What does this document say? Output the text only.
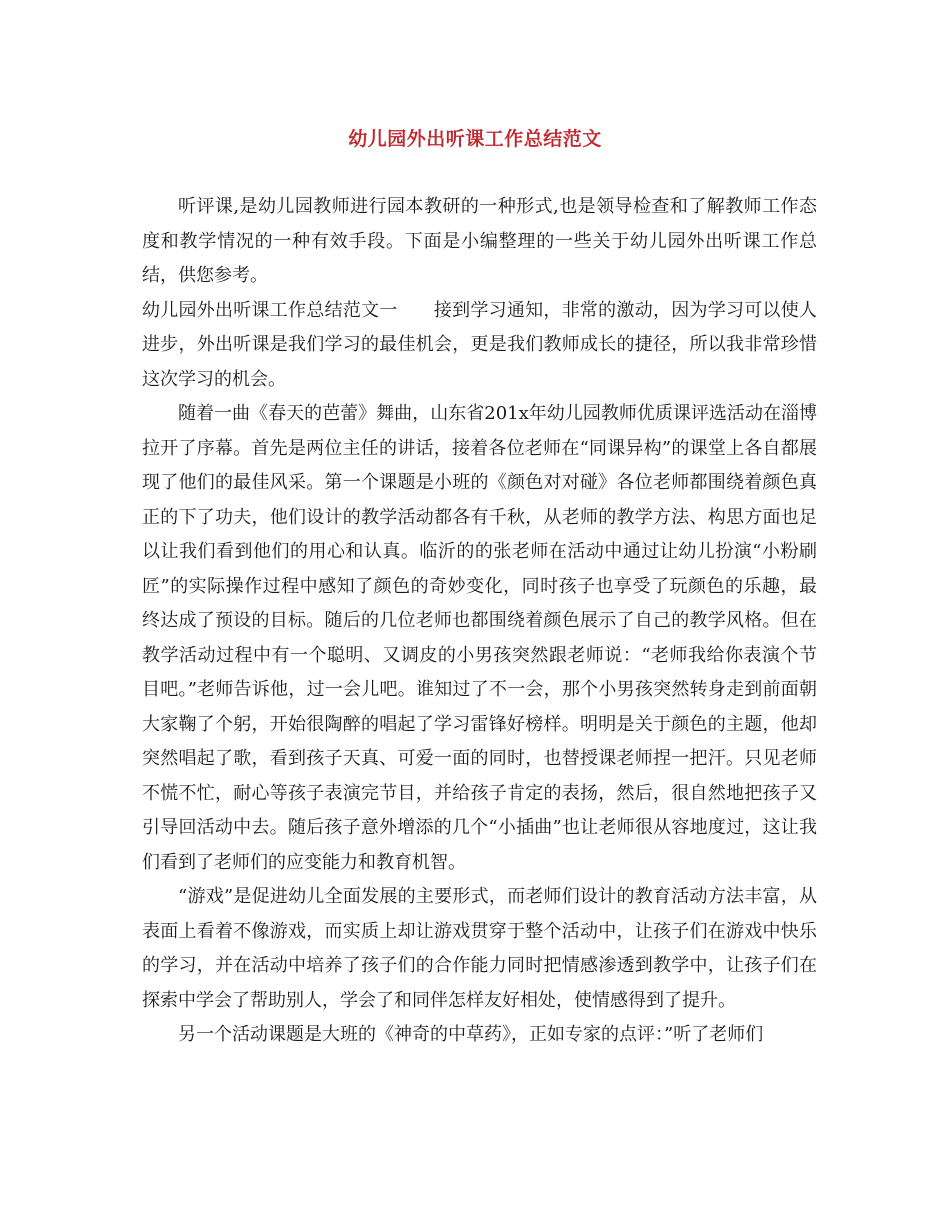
幼儿园外出听课工作总结范文

听评课,是幼儿园教师进行园本教研的一种形式,也是领导检查和了解教师工作态度和教学情况的一种有效手段。下面是小编整理的一些关于幼儿园外出听课工作总结，供您参考。

幼儿园外出听课工作总结范文一 接到学习通知，非常的激动，因为学习可以使人进步，外出听课是我们学习的最佳机会，更是我们教师成长的捷径，所以我非常珍惜这次学习的机会。

随着一曲《春天的芭蕾》舞曲，山东省201x年幼儿园教师优质课评选活动在淄博拉开了序幕。首先是两位主任的讲话，接着各位老师在“同课异构”的课堂上各自都展现了他们的最佳风采。第一个课题是小班的《颜色对对碰》各位老师都围绕着颜色真正的下了功夫，他们设计的教学活动都各有千秋，从老师的教学方法、构思方面也足以让我们看到他们的用心和认真。临沂的的张老师在活动中通过让幼儿扮演“小粉刷匠”的实际操作过程中感知了颜色的奇妙变化，同时孩子也享受了玩颜色的乐趣，最终达成了预设的目标。随后的几位老师也都围绕着颜色展示了自己的教学风格。但在教学活动过程中有一个聪明、又调皮的小男孩突然跟老师说：“老师我给你表演个节目吧。”老师告诉他，过一会儿吧。谁知过了不一会，那个小男孩突然转身走到前面朝大家鞠了个躬，开始很陶醉的唱起了学习雷锋好榜样。明明是关于颜色的主题，他却突然唱起了歌，看到孩子天真、可爱一面的同时，也替授课老师捏一把汗。只见老师不慌不忙，耐心等孩子表演完节目，并给孩子肯定的表扬，然后，很自然地把孩子又引导回活动中去。随后孩子意外增添的几个“小插曲”也让老师很从容地度过，这让我们看到了老师们的应变能力和教育机智。

“游戏”是促进幼儿全面发展的主要形式，而老师们设计的教育活动方法丰富，从表面上看着不像游戏，而实质上却让游戏贯穿于整个活动中，让孩子们在游戏中快乐的学习，并在活动中培养了孩子们的合作能力同时把情感渗透到教学中，让孩子们在探索中学会了帮助别人，学会了和同伴怎样友好相处，使情感得到了提升。

另一个活动课题是大班的《神奇的中草药》，正如专家的点评：”听了老师们
